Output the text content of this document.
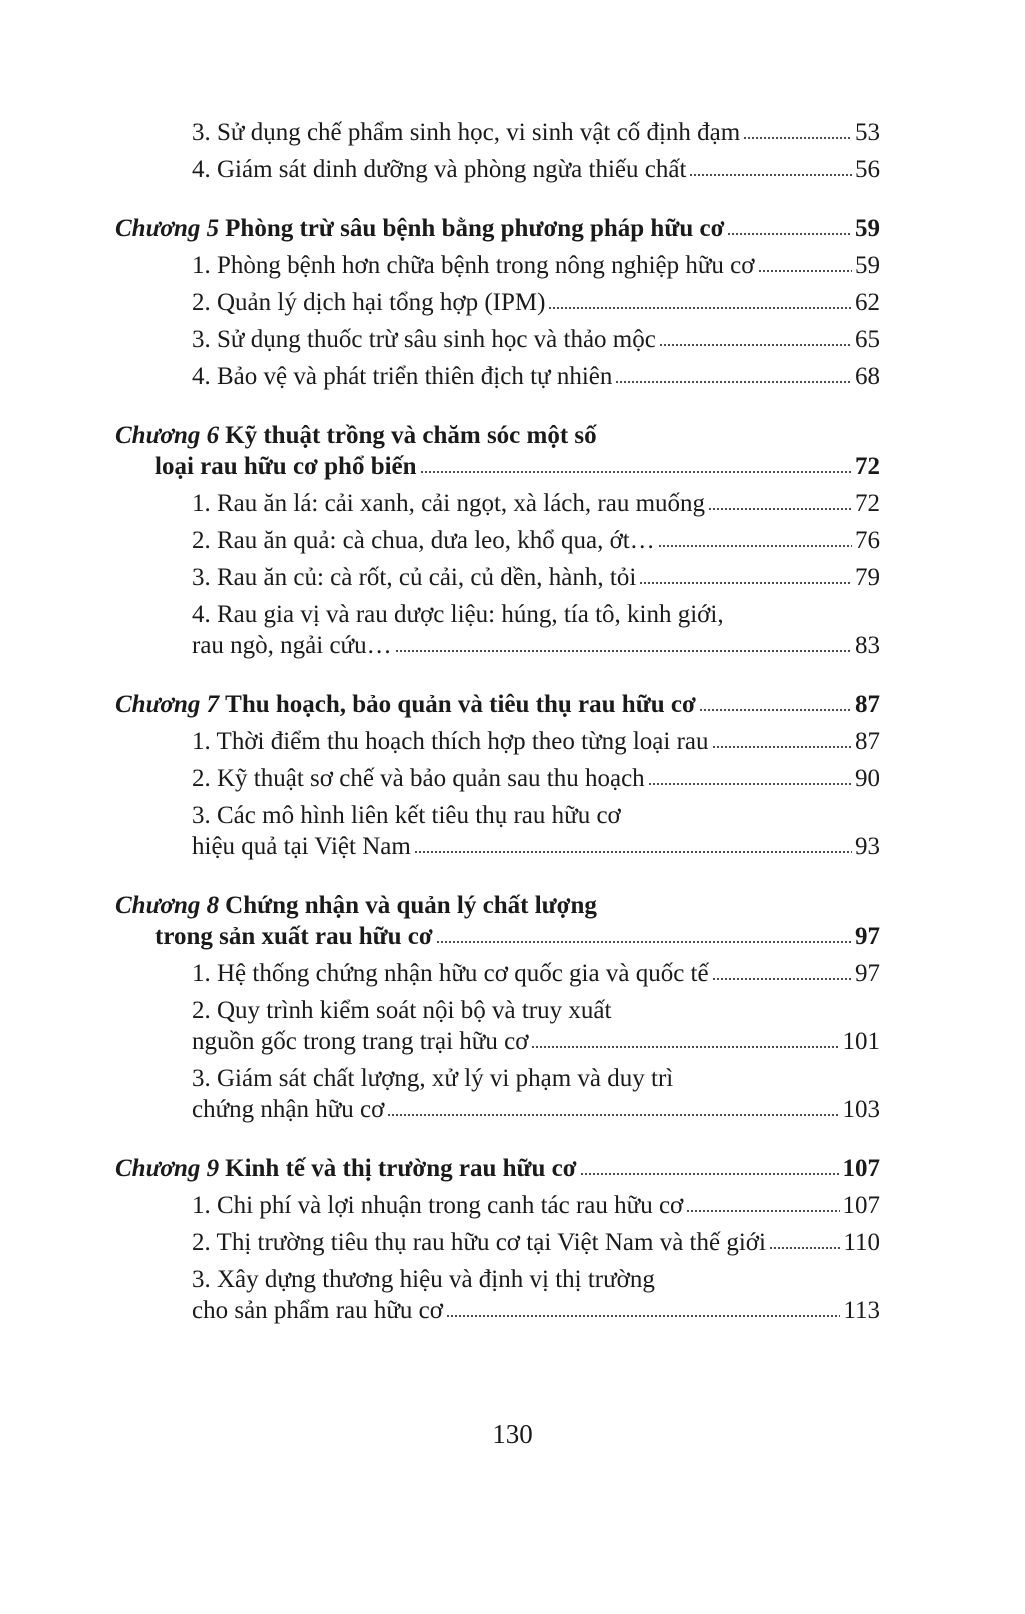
3. Sử dụng chế phẩm sinh học, vi sinh vật cố định đạm	53
4. Giám sát dinh dưỡng và phòng ngừa thiếu chất	56
Chương 5 Phòng trừ sâu bệnh bằng phương pháp hữu cơ	59
1. Phòng bệnh hơn chữa bệnh trong nông nghiệp hữu cơ	59
2. Quản lý dịch hại tổng hợp (IPM)	62
3. Sử dụng thuốc trừ sâu sinh học và thảo mộc	65
4. Bảo vệ và phát triển thiên địch tự nhiên	68
Chương 6 Kỹ thuật trồng và chăm sóc một số
loại rau hữu cơ phổ biến	72
1. Rau ăn lá: cải xanh, cải ngọt, xà lách, rau muống	72
2. Rau ăn quả: cà chua, dưa leo, khổ qua, ớt…	76
3. Rau ăn củ: cà rốt, củ cải, củ dền, hành, tỏi	79
4. Rau gia vị và rau dược liệu: húng, tía tô, kinh giới,
rau ngò, ngải cứu…	83
Chương 7 Thu hoạch, bảo quản và tiêu thụ rau hữu cơ	87
1. Thời điểm thu hoạch thích hợp theo từng loại rau	87
2. Kỹ thuật sơ chế và bảo quản sau thu hoạch	90
3. Các mô hình liên kết tiêu thụ rau hữu cơ
hiệu quả tại Việt Nam	93
Chương 8 Chứng nhận và quản lý chất lượng
trong sản xuất rau hữu cơ	97
1. Hệ thống chứng nhận hữu cơ quốc gia và quốc tế	97
2. Quy trình kiểm soát nội bộ và truy xuất
nguồn gốc trong trang trại hữu cơ	101
3. Giám sát chất lượng, xử lý vi phạm và duy trì
chứng nhận hữu cơ	103
Chương 9 Kinh tế và thị trường rau hữu cơ	107
1. Chi phí và lợi nhuận trong canh tác rau hữu cơ	107
2. Thị trường tiêu thụ rau hữu cơ tại Việt Nam và thế giới	110
3. Xây dựng thương hiệu và định vị thị trường
cho sản phẩm rau hữu cơ	113
130
